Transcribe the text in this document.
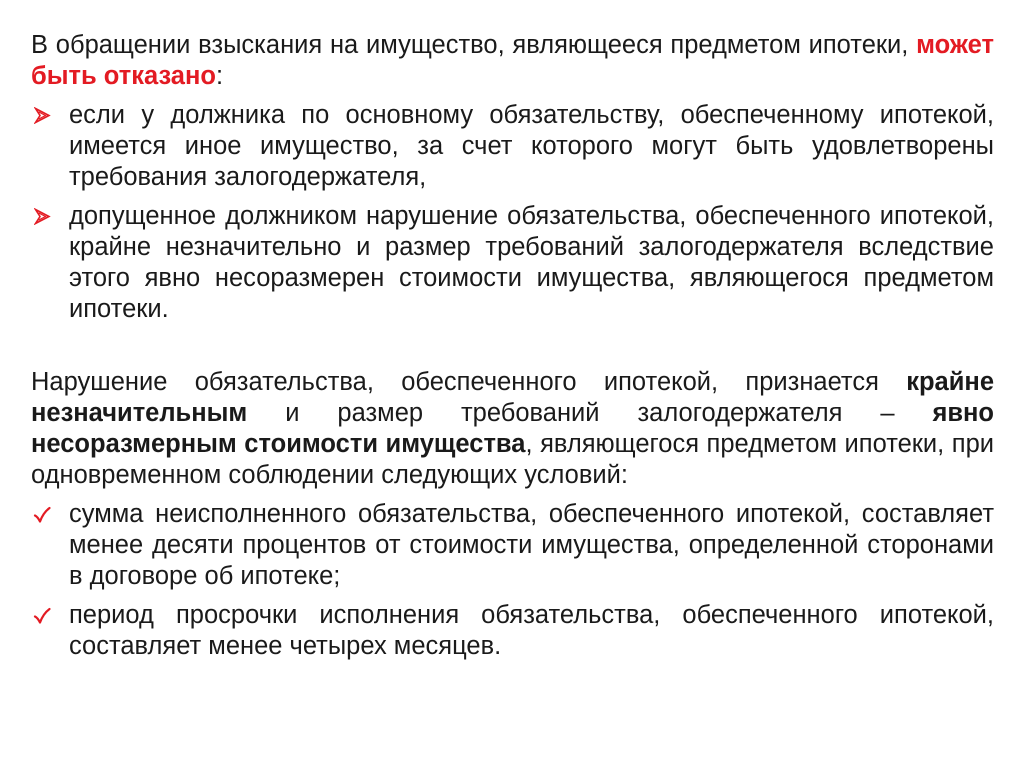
В обращении взыскания на имущество, являющееся предметом ипотеки, может быть отказано:

если у должника по основному обязательству, обеспеченному ипотекой, имеется иное имущество, за счет которого могут быть удовлетворены требования залогодержателя,
допущенное должником нарушение обязательства, обеспеченного ипотекой, крайне незначительно и размер требований залогодержателя вследствие этого явно несоразмерен стоимости имущества, являющегося предметом ипотеки.

Нарушение обязательства, обеспеченного ипотекой, признается крайне незначительным и размер требований залогодержателя – явно несоразмерным стоимости имущества, являющегося предметом ипотеки, при одновременном соблюдении следующих условий:

сумма неисполненного обязательства, обеспеченного ипотекой, составляет менее десяти процентов от стоимости имущества, определенной сторонами в договоре об ипотеке;
период просрочки исполнения обязательства, обеспеченного ипотекой, составляет менее четырех месяцев.
